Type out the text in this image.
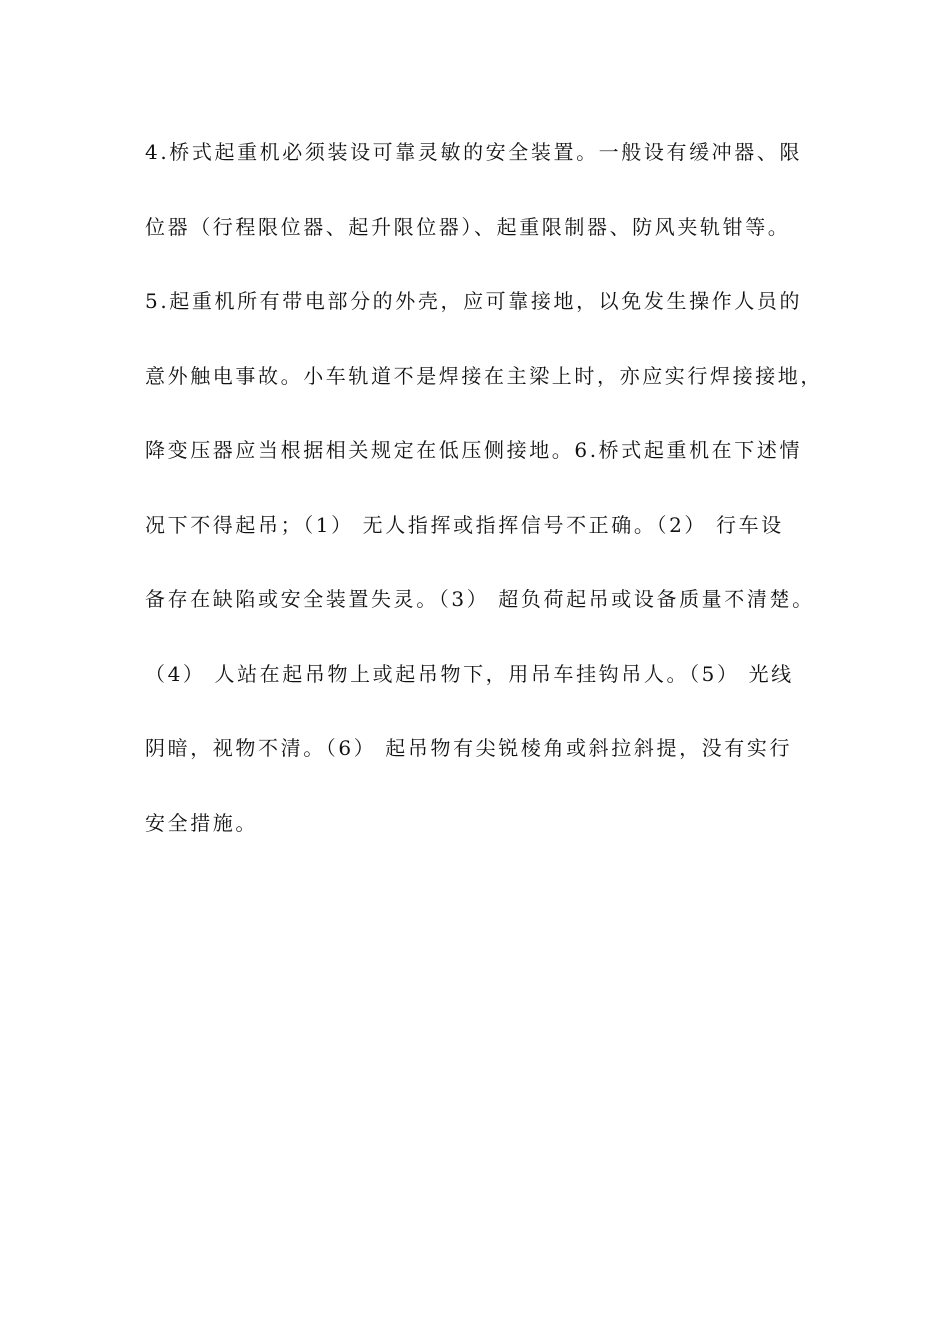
4.桥式起重机必须装设可靠灵敏的安全装置。一般设有缓冲器、限
位器（行程限位器、起升限位器）、起重限制器、防风夹轨钳等。
5.起重机所有带电部分的外壳，应可靠接地，以免发生操作人员的
意外触电事故。小车轨道不是焊接在主梁上时，亦应实行焊接接地，
降变压器应当根据相关规定在低压侧接地。6.桥式起重机在下述情
况下不得起吊；（1） 无人指挥或指挥信号不正确。（2） 行车设
备存在缺陷或安全装置失灵。（3） 超负荷起吊或设备质量不清楚。
（4） 人站在起吊物上或起吊物下，用吊车挂钩吊人。（5） 光线
阴暗，视物不清。（6） 起吊物有尖锐棱角或斜拉斜提，没有实行
安全措施。
